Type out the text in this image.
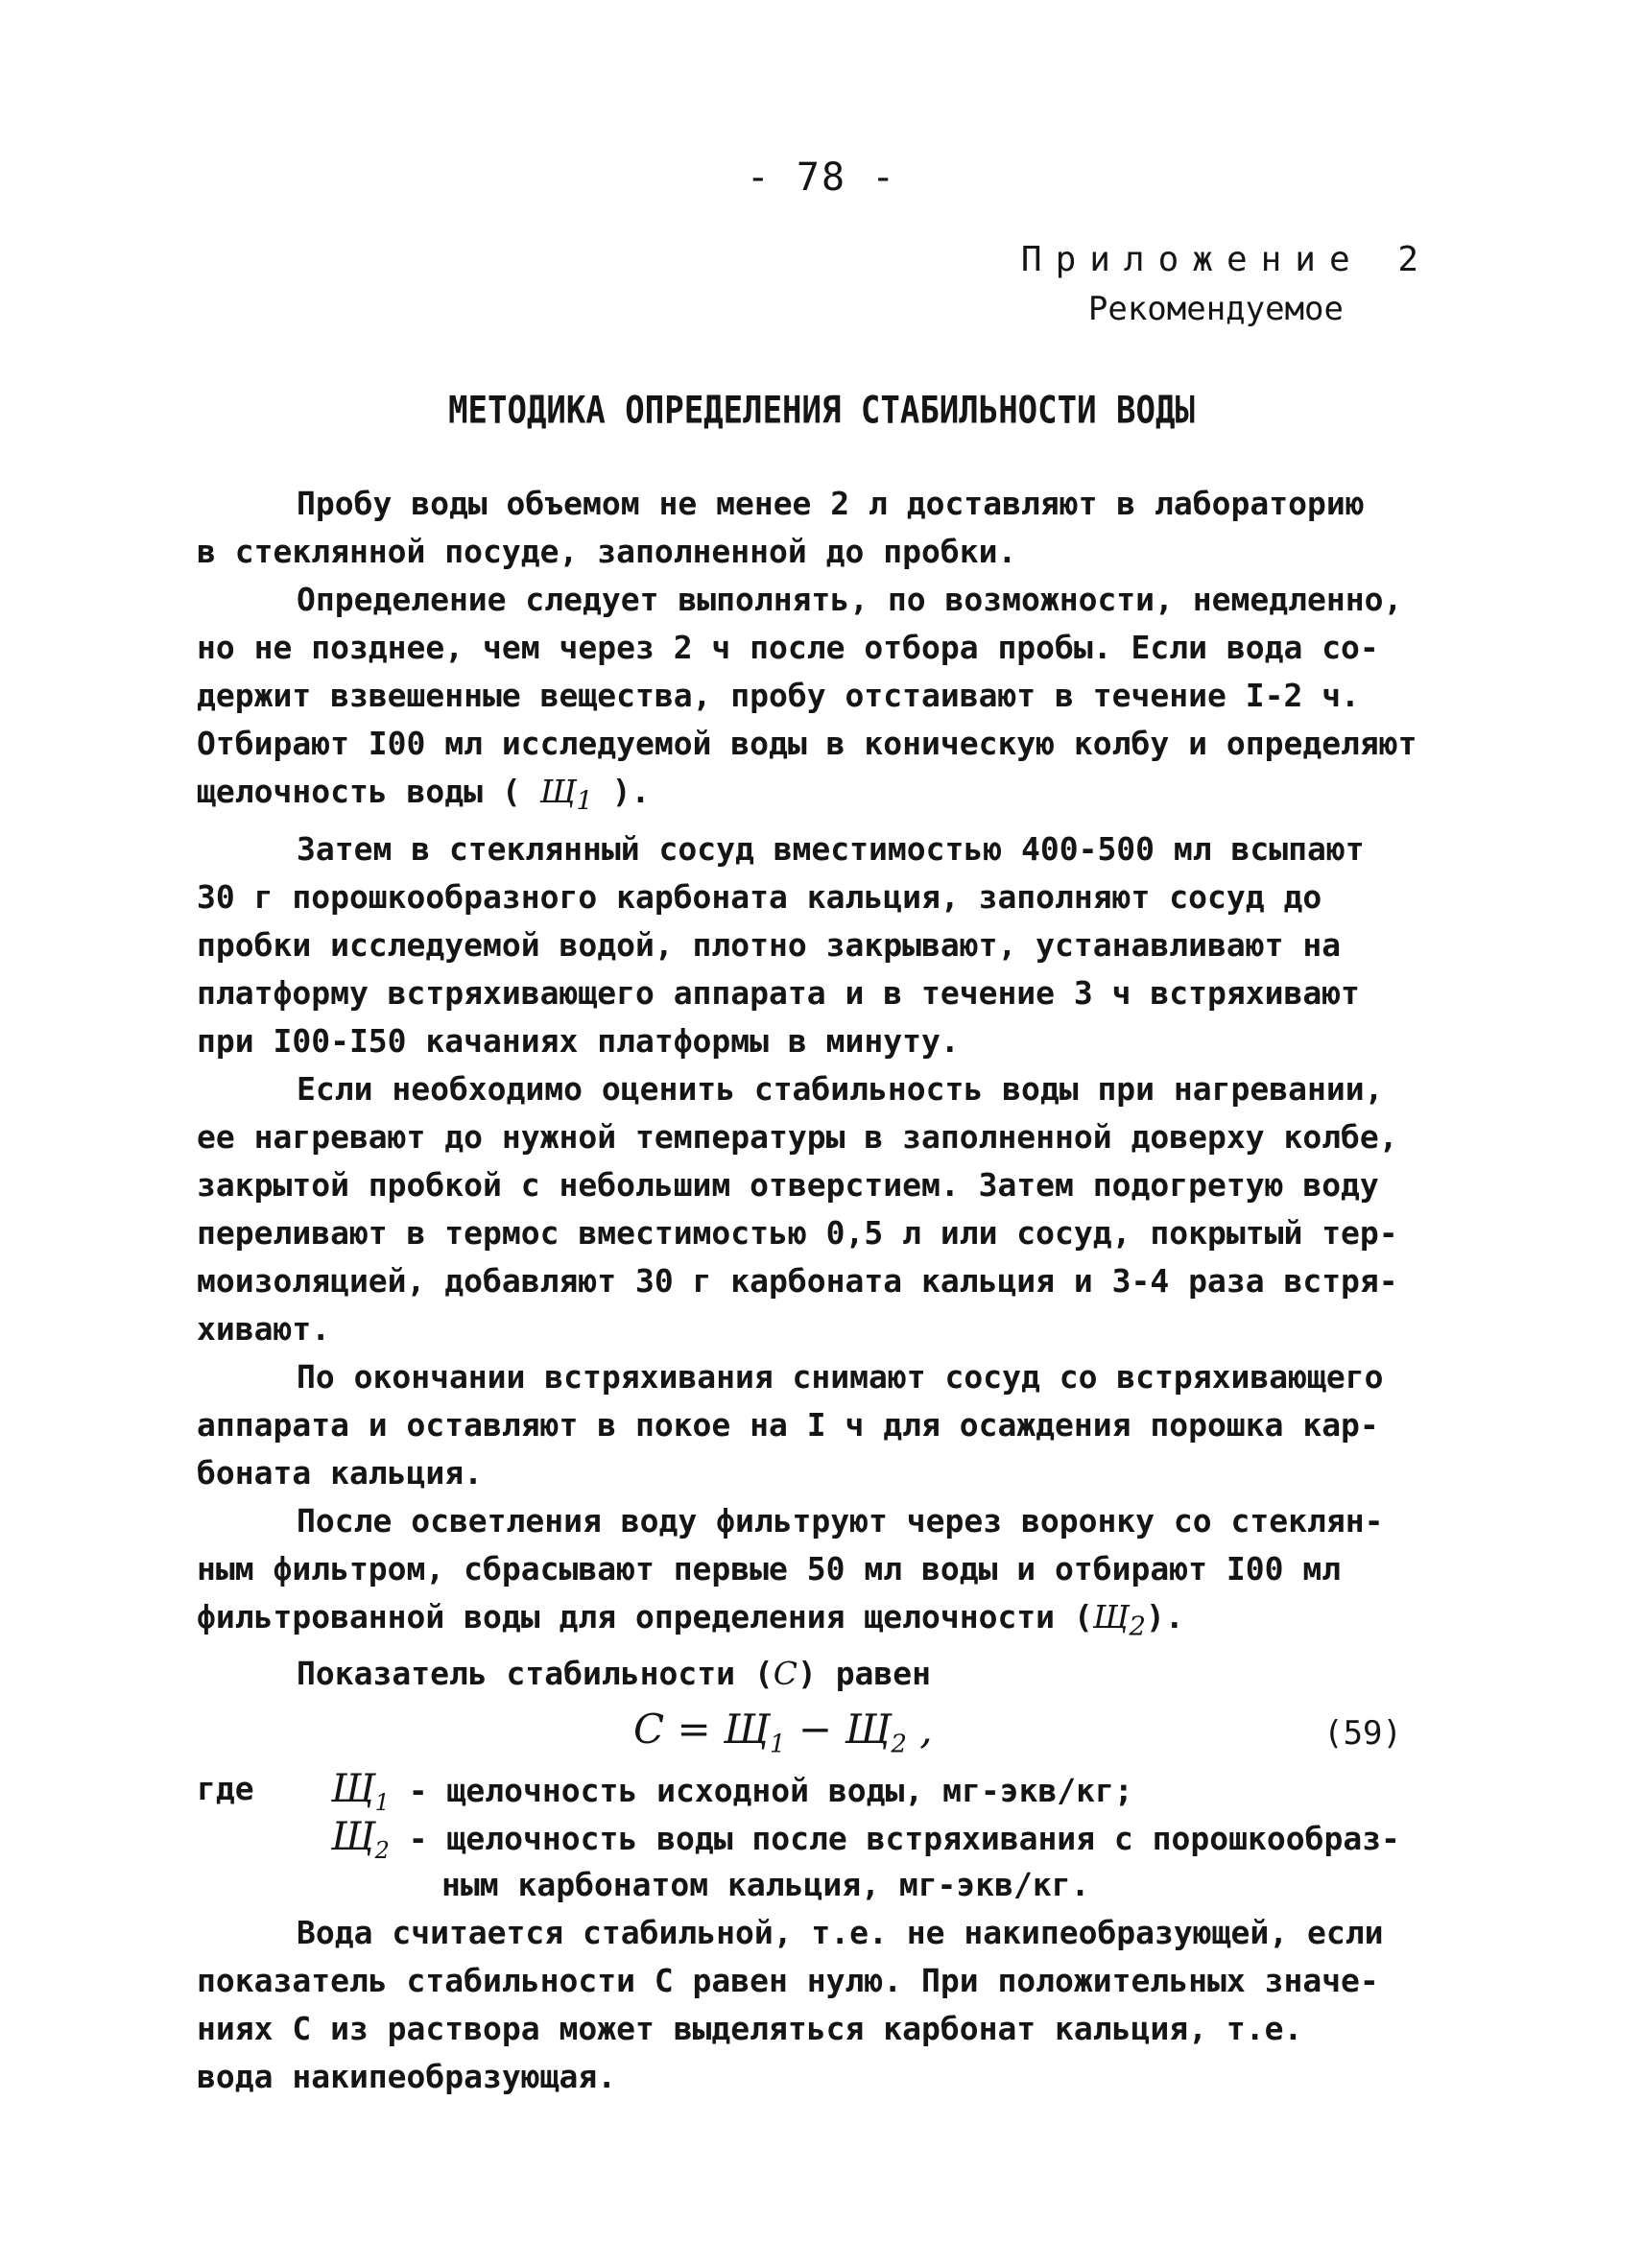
- 78 -
Приложение 2
Рекомендуемое
МЕТОДИКА ОПРЕДЕЛЕНИЯ СТАБИЛЬНОСТИ ВОДЫ
Пробу воды объемом не менее 2 л доставляют в лабораторию
в стеклянной посуде, заполненной до пробки.
Определение следует выполнять, по возможности, немедленно,
но не позднее, чем через 2 ч после отбора пробы. Если вода со-
держит взвешенные вещества, пробу отстаивают в течение I-2 ч.
Отбирают I00 мл исследуемой воды в коническую колбу и определяют
щелочность воды ( $Щ_1$ ).
Затем в стеклянный сосуд вместимостью 400-500 мл всыпают
30 г порошкообразного карбоната кальция, заполняют сосуд до
пробки исследуемой водой, плотно закрывают, устанавливают на
платформу встряхивающего аппарата и в течение 3 ч встряхивают
при I00-I50 качаниях платформы в минуту.
Если необходимо оценить стабильность воды при нагревании,
ее нагревают до нужной температуры в заполненной доверху колбе,
закрытой пробкой с небольшим отверстием. Затем подогретую воду
переливают в термос вместимостью 0,5 л или сосуд, покрытый тер-
моизоляцией, добавляют 30 г карбоната кальция и 3-4 раза встря-
хивают.
По окончании встряхивания снимают сосуд со встряхивающего
аппарата и оставляют в покое на I ч для осаждения порошка кар-
боната кальция.
После осветления воду фильтруют через воронку со стеклян-
ным фильтром, сбрасывают первые 50 мл воды и отбирают I00 мл
фильтрованной воды для определения щелочности $(Щ_2)$.
Показатель стабильности (C) равен
$C = Щ_1 - Щ_2$ ,	(59)
где $Щ_1$ - щелочность исходной воды, мг-экв/кг;
$Щ_2$ - щелочность воды после встряхивания с порошкообраз-
ным карбонатом кальция, мг-экв/кг.
Вода считается стабильной, т.е. не накипеобразующей, если
показатель стабильности С равен нулю. При положительных значе-
ниях С из раствора может выделяться карбонат кальция, т.е.
вода накипеобразующая.
